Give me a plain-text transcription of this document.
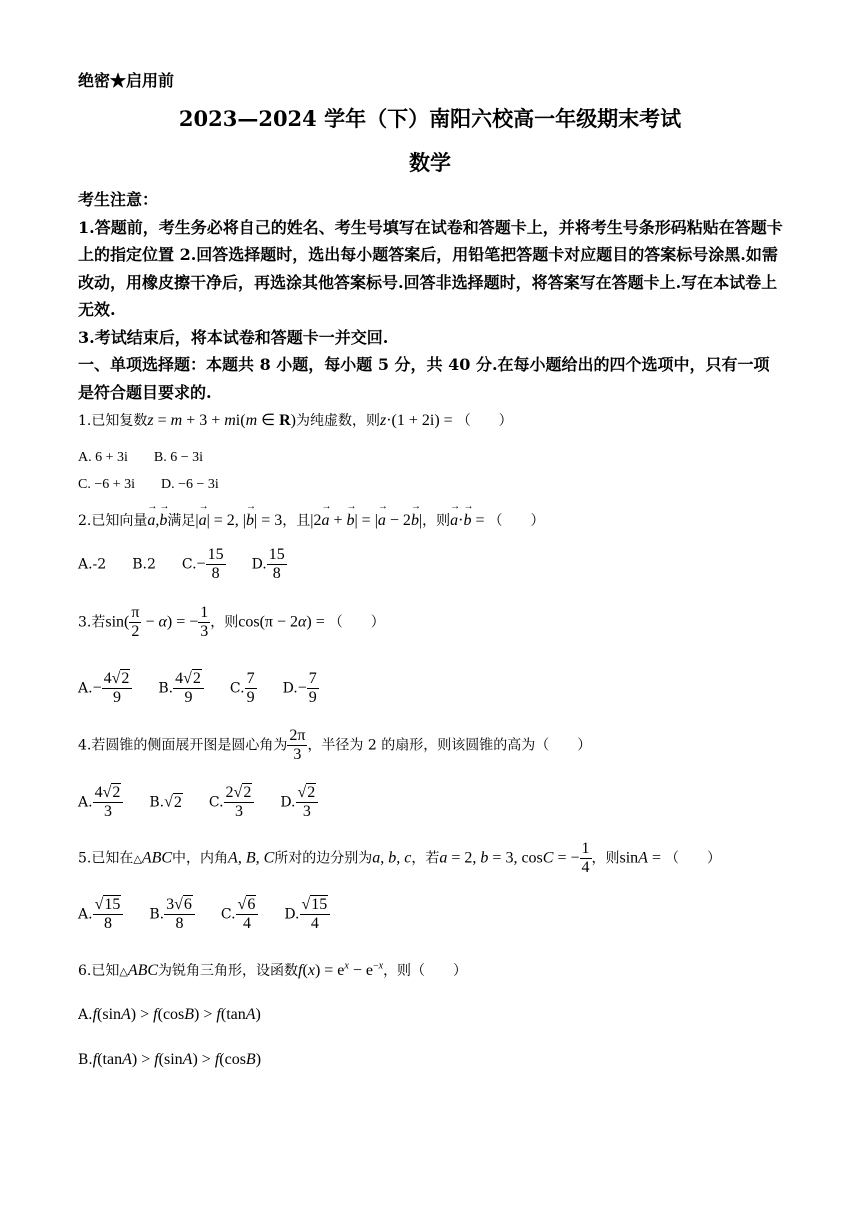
绝密★启用前
2023—2024 学年（下）南阳六校高一年级期末考试
数学

考生注意：

1.答题前，考生务必将自己的姓名、考生号填写在试卷和答题卡上，并将考生号条形码粘贴在答题卡上的指定位置 2.回答选择题时，选出每小题答案后，用铅笔把答题卡对应题目的答案标号涂黑.如需改动，用橡皮擦干净后，再选涂其他答案标号.回答非选择题时，将答案写在答题卡上.写在本试卷上无效.

3.考试结束后，将本试卷和答题卡一并交回.

一、单项选择题：本题共 8 小题，每小题 5 分，共 40 分.在每小题给出的四个选项中，只有一项是符合题目要求的.

1.已知复数z = m + 3 + mi(m ∈ R)为纯虚数，则z·(1 + 2i) = （　　）
A. 6 + 3i B. 6 − 3i
C. −6 + 3i D. −6 − 3i
2.已知向量→ a,→ b满足|→ a| = 2, |→ b| = 3，且|2→ a + → b| = |→ a − 2→ b|，则→ a·→ b = （　　）
A.-2 B.2 $C.- \frac{15}{8} D$. $\frac{15}{8}$
3.若$\sin( \frac{\pi}{2} - \alpha)$ = − $\frac{1}{3}$ ，则cos(π − 2α) = （　　）
$A.- \frac{4√2}{9} B$. $\frac{4√2}{9} C$. $\frac{7}{9} D.- \frac{7}{9}$
4.若圆锥的侧面展开图是圆心角为 $\frac{2\pi}{3}$ ，半径为 2 的扇形，则该圆锥的高为（　　）
A. $\frac{4√2}{3} B.√2$ C. $\frac{2√2}{3} D$. $\frac{√2}{3}$
5.已知在△ABC中，内角A, B, C所对的边分别为a, b, c，若a = 2, b = 3, cosC = − $\frac{1}{4}$ ，则sinA = （　　）
A. $\frac{√15}{8} B$. $\frac{3√6}{8} C$. $\frac{√6}{4} D$. $\frac{√15}{4}$
6.已知△ABC为锐角三角形，设函数$f(x) = e^x - e^{-x}$，则（　　）
A.f(sinA) > f(cosB) > f(tanA)
B.f(tanA) > f(sinA) > f(cosB)
